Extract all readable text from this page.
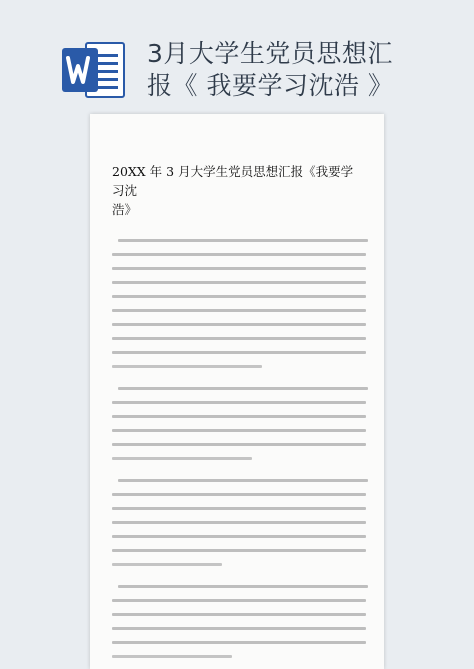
3月大学生党员思想汇
报《 我要学习沈浩 》
20XX 年 3 月大学生党员思想汇报《我要学习沈
浩》
